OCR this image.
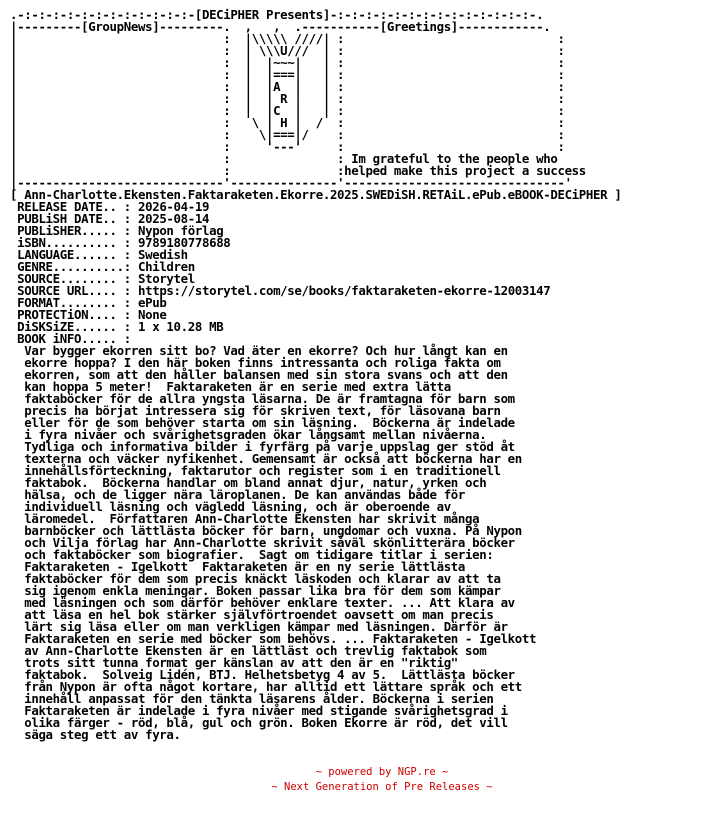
.-:-:-:-:-:-:-:-:-:-:-:-:-[DECiPHER Presents]-:-:-:-:-:-:-:-:-:-:-:-:-:-:-.
|---------[GroupNews]---------.  ,   ,  .-----------[Greetings]------------.
|                             :  |\\\\\ ////| :                              :
|                             :  | \\\U///  | :                              :
|                             :  |  |~~~|   | :                              :
|                             :  |  |===|   | :                              :
|                             :  |  |A  |   | :                              :
|                             :  |  | R |   | :                              :
|                             :  |  |C  |   | :                              :
|                             :   \ | H |  /  :                              :
|                             :    \|===|/    :                              :
|                             :     '---'     :                              :
|                             :               : Im grateful to the people who
|                             :               :helped make this project a success
|-----------------------------'---------------'-------------------------------'
[ Ann-Charlotte.Ekensten.Faktaraketen.Ekorre.2025.SWEDiSH.RETAiL.ePub.eBOOK-DECiPHER ]
RELEASE DATE.. : 2026-04-19
PUBLiSH DATE.. : 2025-08-14
PUBLiSHER..... : Nypon förlag
iSBN.......... : 9789180778688
LANGUAGE...... : Swedish
GENRE..........: Children
SOURCE........ : Storytel
SOURCE URL.... : https://storytel.com/se/books/faktaraketen-ekorre-12003147
FORMAT........ : ePub
PROTECTiON.... : None
DiSKSiZE...... : 1 x 10.28 MB
BOOK iNFO..... :
Var bygger ekorren sitt bo? Vad äter en ekorre? Och hur långt kan en
ekorre hoppa? I den här boken finns intressanta och roliga fakta om
ekorren, som att den håller balansen med sin stora svans och att den
kan hoppa 5 meter!  Faktaraketen är en serie med extra lätta
faktaböcker för de allra yngsta läsarna. De är framtagna för barn som
precis ha börjat intressera sig för skriven text, för läsovana barn
eller för de som behöver starta om sin läsning.  Böckerna är indelade
i fyra nivåer och svårighetsgraden ökar långsamt mellan nivåerna.
Tydliga och informativa bilder i fyrfärg på varje uppslag ger stöd åt
texterna och väcker nyfikenhet. Gemensamt är också att böckerna har en
innehållsförteckning, faktarutor och register som i en traditionell
faktabok.  Böckerna handlar om bland annat djur, natur, yrken och
hälsa, och de ligger nära läroplanen. De kan användas både för
individuell läsning och vägledd läsning, och är oberoende av
läromedel.  Författaren Ann-Charlotte Ekensten har skrivit många
barnböcker och lättlästa böcker för barn, ungdomar och vuxna. På Nypon
och Vilja förlag har Ann-Charlotte skrivit såväl skönlitterära böcker
och faktaböcker som biografier.  Sagt om tidigare titlar i serien:
Faktaraketen - Igelkott  Faktaraketen är en ny serie lättlästa
faktaböcker för dem som precis knäckt läskoden och klarar av att ta
sig igenom enkla meningar. Boken passar lika bra för dem som kämpar
med läsningen och som därför behöver enklare texter. ... Att klara av
att läsa en hel bok stärker självförtroendet oavsett om man precis
lärt sig läsa eller om man verkligen kämpar med läsningen. Därför är
Faktaraketen en serie med böcker som behövs. ... Faktaraketen - Igelkott
av Ann-Charlotte Ekensten är en lättläst och trevlig faktabok som
trots sitt tunna format ger känslan av att den är en "riktig"
faktabok.  Solveig Lidén, BTJ. Helhetsbetyg 4 av 5.  Lättlästa böcker
från Nypon är ofta något kortare, har alltid ett lättare språk och ett
innehåll anpassat för den tänkta läsarens ålder. Böckerna i serien
Faktaraketen är indelade i fyra nivåer med stigande svårighetsgrad i
olika färger - röd, blå, gul och grön. Boken Ekorre är röd, det vill
säga steg ett av fyra.
~ powered by NGP.re ~
~ Next Generation of Pre Releases ~
